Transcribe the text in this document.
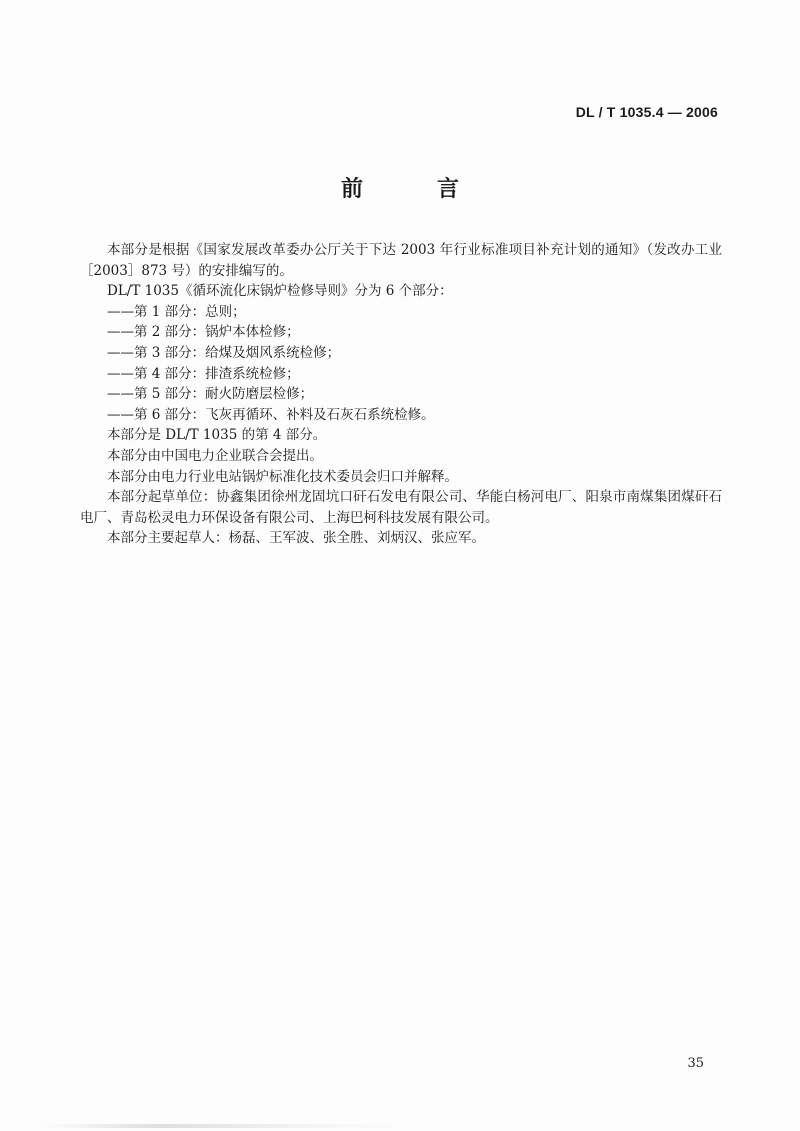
DL / T 1035.4 — 2006
前　言

本部分是根据《国家发展改革委办公厅关于下达 2003 年行业标准项目补充计划的通知》（发改办工业［2003］873 号）的安排编写的。

DL/T 1035《循环流化床锅炉检修导则》分为 6 个部分：

——第 1 部分：总则；

——第 2 部分：锅炉本体检修；

——第 3 部分：给煤及烟风系统检修；

——第 4 部分：排渣系统检修；

——第 5 部分：耐火防磨层检修；

——第 6 部分：飞灰再循环、补料及石灰石系统检修。

本部分是 DL/T 1035 的第 4 部分。

本部分由中国电力企业联合会提出。

本部分由电力行业电站锅炉标准化技术委员会归口并解释。

本部分起草单位：协鑫集团徐州龙固坑口矸石发电有限公司、华能白杨河电厂、阳泉市南煤集团煤矸石电厂、青岛松灵电力环保设备有限公司、上海巴柯科技发展有限公司。

本部分主要起草人：杨磊、王军波、张全胜、刘炳汉、张应军。

35
